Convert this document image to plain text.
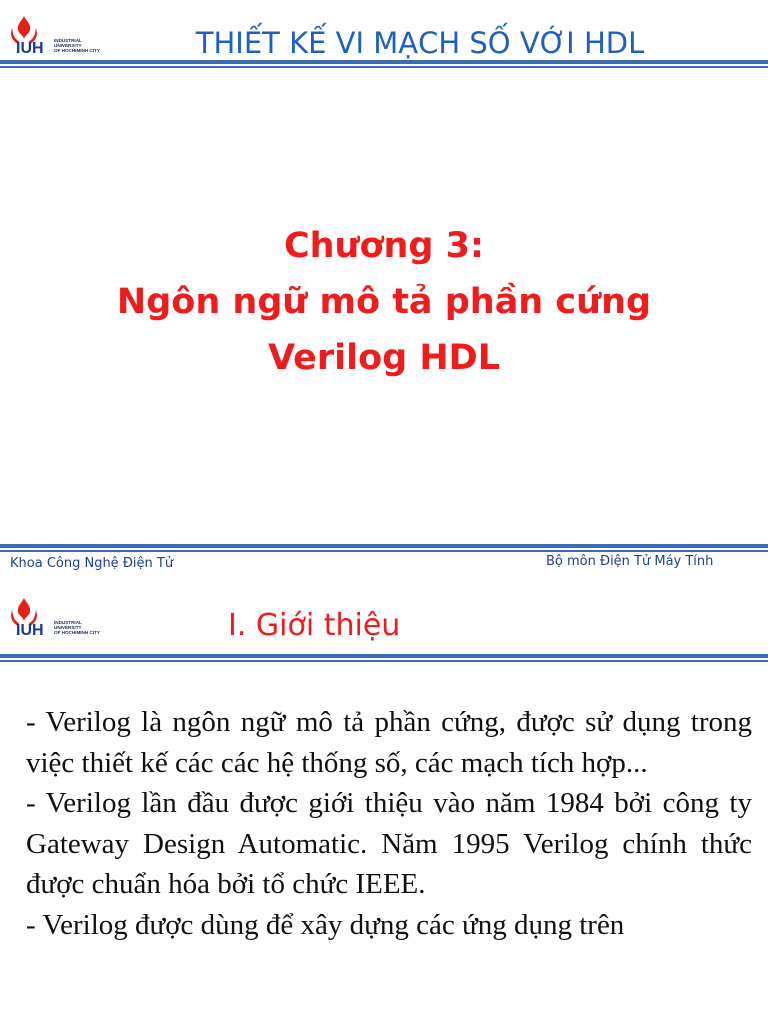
IUH INDUSTRIAL
UNIVERSITY
OF HOCHIMINH CITY	THIẾT KẾ VI MẠCH SỐ VỚI HDL
Chương 3:
Ngôn ngữ mô tả phần cứng
Verilog HDL
Khoa Công Nghệ Điện Tử	Bộ môn Điện Tử Máy Tính
IUH INDUSTRIAL
UNIVERSITY
OF HOCHIMINH CITY	I. Giới thiệu

- Verilog là ngôn ngữ mô tả phần cứng, được sử dụng trong việc thiết kế các các hệ thống số, các mạch tích hợp...

- Verilog lần đầu được giới thiệu vào năm 1984 bởi công ty Gateway Design Automatic. Năm 1995 Verilog chính thức được chuẩn hóa bởi tổ chức IEEE.

- Verilog được dùng để xây dựng các ứng dụng trên
